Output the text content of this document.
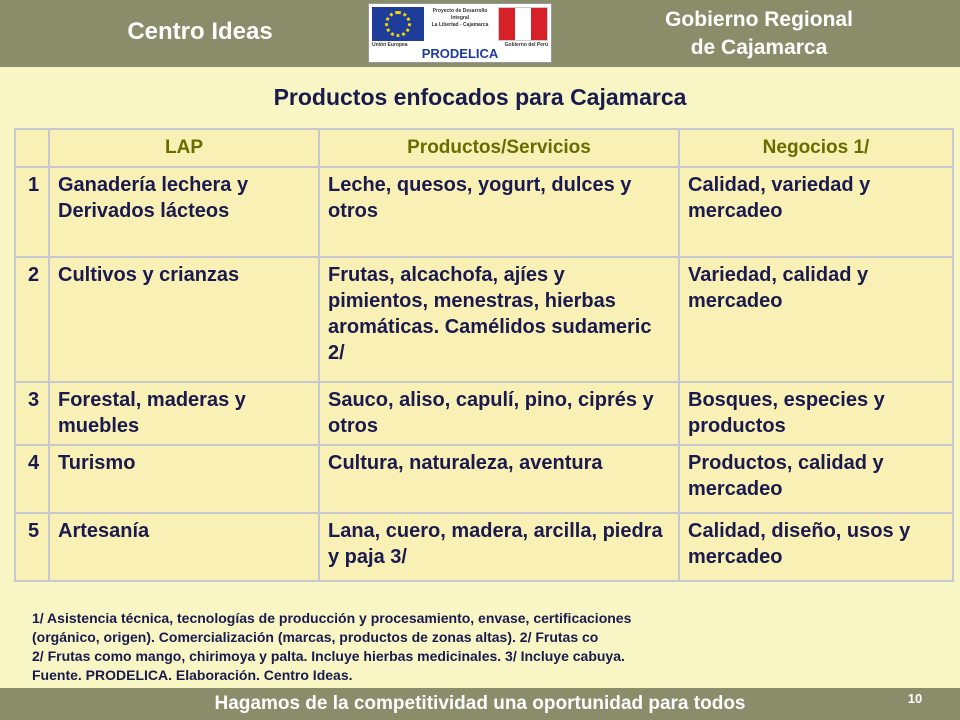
Centro Ideas
Proyecto de Desarrollo
Integral
La Libertad - Cajamarca
Unión Europea	Gobierno del Perú
PRODELICA
Gobierno Regional
de Cajamarca
Productos enfocados para Cajamarca
	LAP	Productos/Servicios	Negocios 1/
1	Ganadería lechera y Derivados lácteos	Leche, quesos, yogurt, dulces y otros	Calidad, variedad y mercadeo
2	Cultivos y crianzas	Frutas, alcachofa, ajíes y pimientos, menestras, hierbas aromáticas. Camélidos sudameric 2/	Variedad, calidad y mercadeo
3	Forestal, maderas y muebles	Sauco, aliso, capulí, pino, ciprés y otros	Bosques, especies y productos
4	Turismo	Cultura, naturaleza, aventura	Productos, calidad y mercadeo
5	Artesanía	Lana, cuero, madera, arcilla, piedra y paja 3/	Calidad, diseño, usos y mercadeo
1/ Asistencia técnica, tecnologías de producción y procesamiento, envase, certificaciones
(orgánico, origen). Comercialización (marcas, productos de zonas altas). 2/ Frutas co
2/ Frutas como mango, chirimoya y palta. Incluye hierbas medicinales. 3/ Incluye cabuya.
Fuente. PRODELICA. Elaboración. Centro Ideas.
Hagamos de la competitividad una oportunidad para todos	10
